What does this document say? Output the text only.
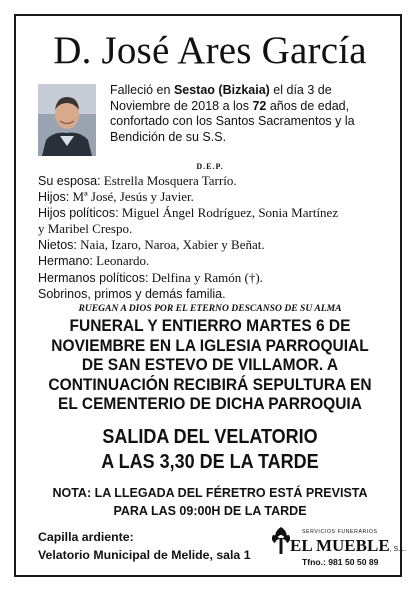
D. José Ares García
Falleció en Sestao (Bizkaia) el día 3 de Noviembre de 2018 a los 72 años de edad, confortado con los Santos Sacramentos y la Bendición de su S.S.
D.E.P.
Su esposa: Estrella Mosquera Tarrío.
Hijos: Mª José, Jesús y Javier.
Hijos políticos: Miguel Ángel Rodríguez, Sonia Martínez
y Maribel Crespo.
Nietos: Naia, Izaro, Naroa, Xabier y Beñat.
Hermano: Leonardo.
Hermanos políticos: Delfina y Ramón (†).
Sobrinos, primos y demás familia.
RUEGAN A DIOS POR EL ETERNO DESCANSO DE SU ALMA
FUNERAL Y ENTIERRO MARTES 6 DE
NOVIEMBRE EN LA IGLESIA PARROQUIAL
DE SAN ESTEVO DE VILLAMOR. A
CONTINUACIÓN RECIBIRÁ SEPULTURA EN
EL CEMENTERIO DE DICHA PARROQUIA
SALIDA DEL VELATORIO
A LAS 3,30 DE LA TARDE
NOTA: LA LLEGADA DEL FÉRETRO ESTÁ PREVISTA
PARA LAS 09:00H DE LA TARDE
Capilla ardiente:
Velatorio Municipal de Melide, sala 1
SERVICIOS FUNERARIOS
EL MUEBLE, S.L.
Tfno.: 981 50 50 89
